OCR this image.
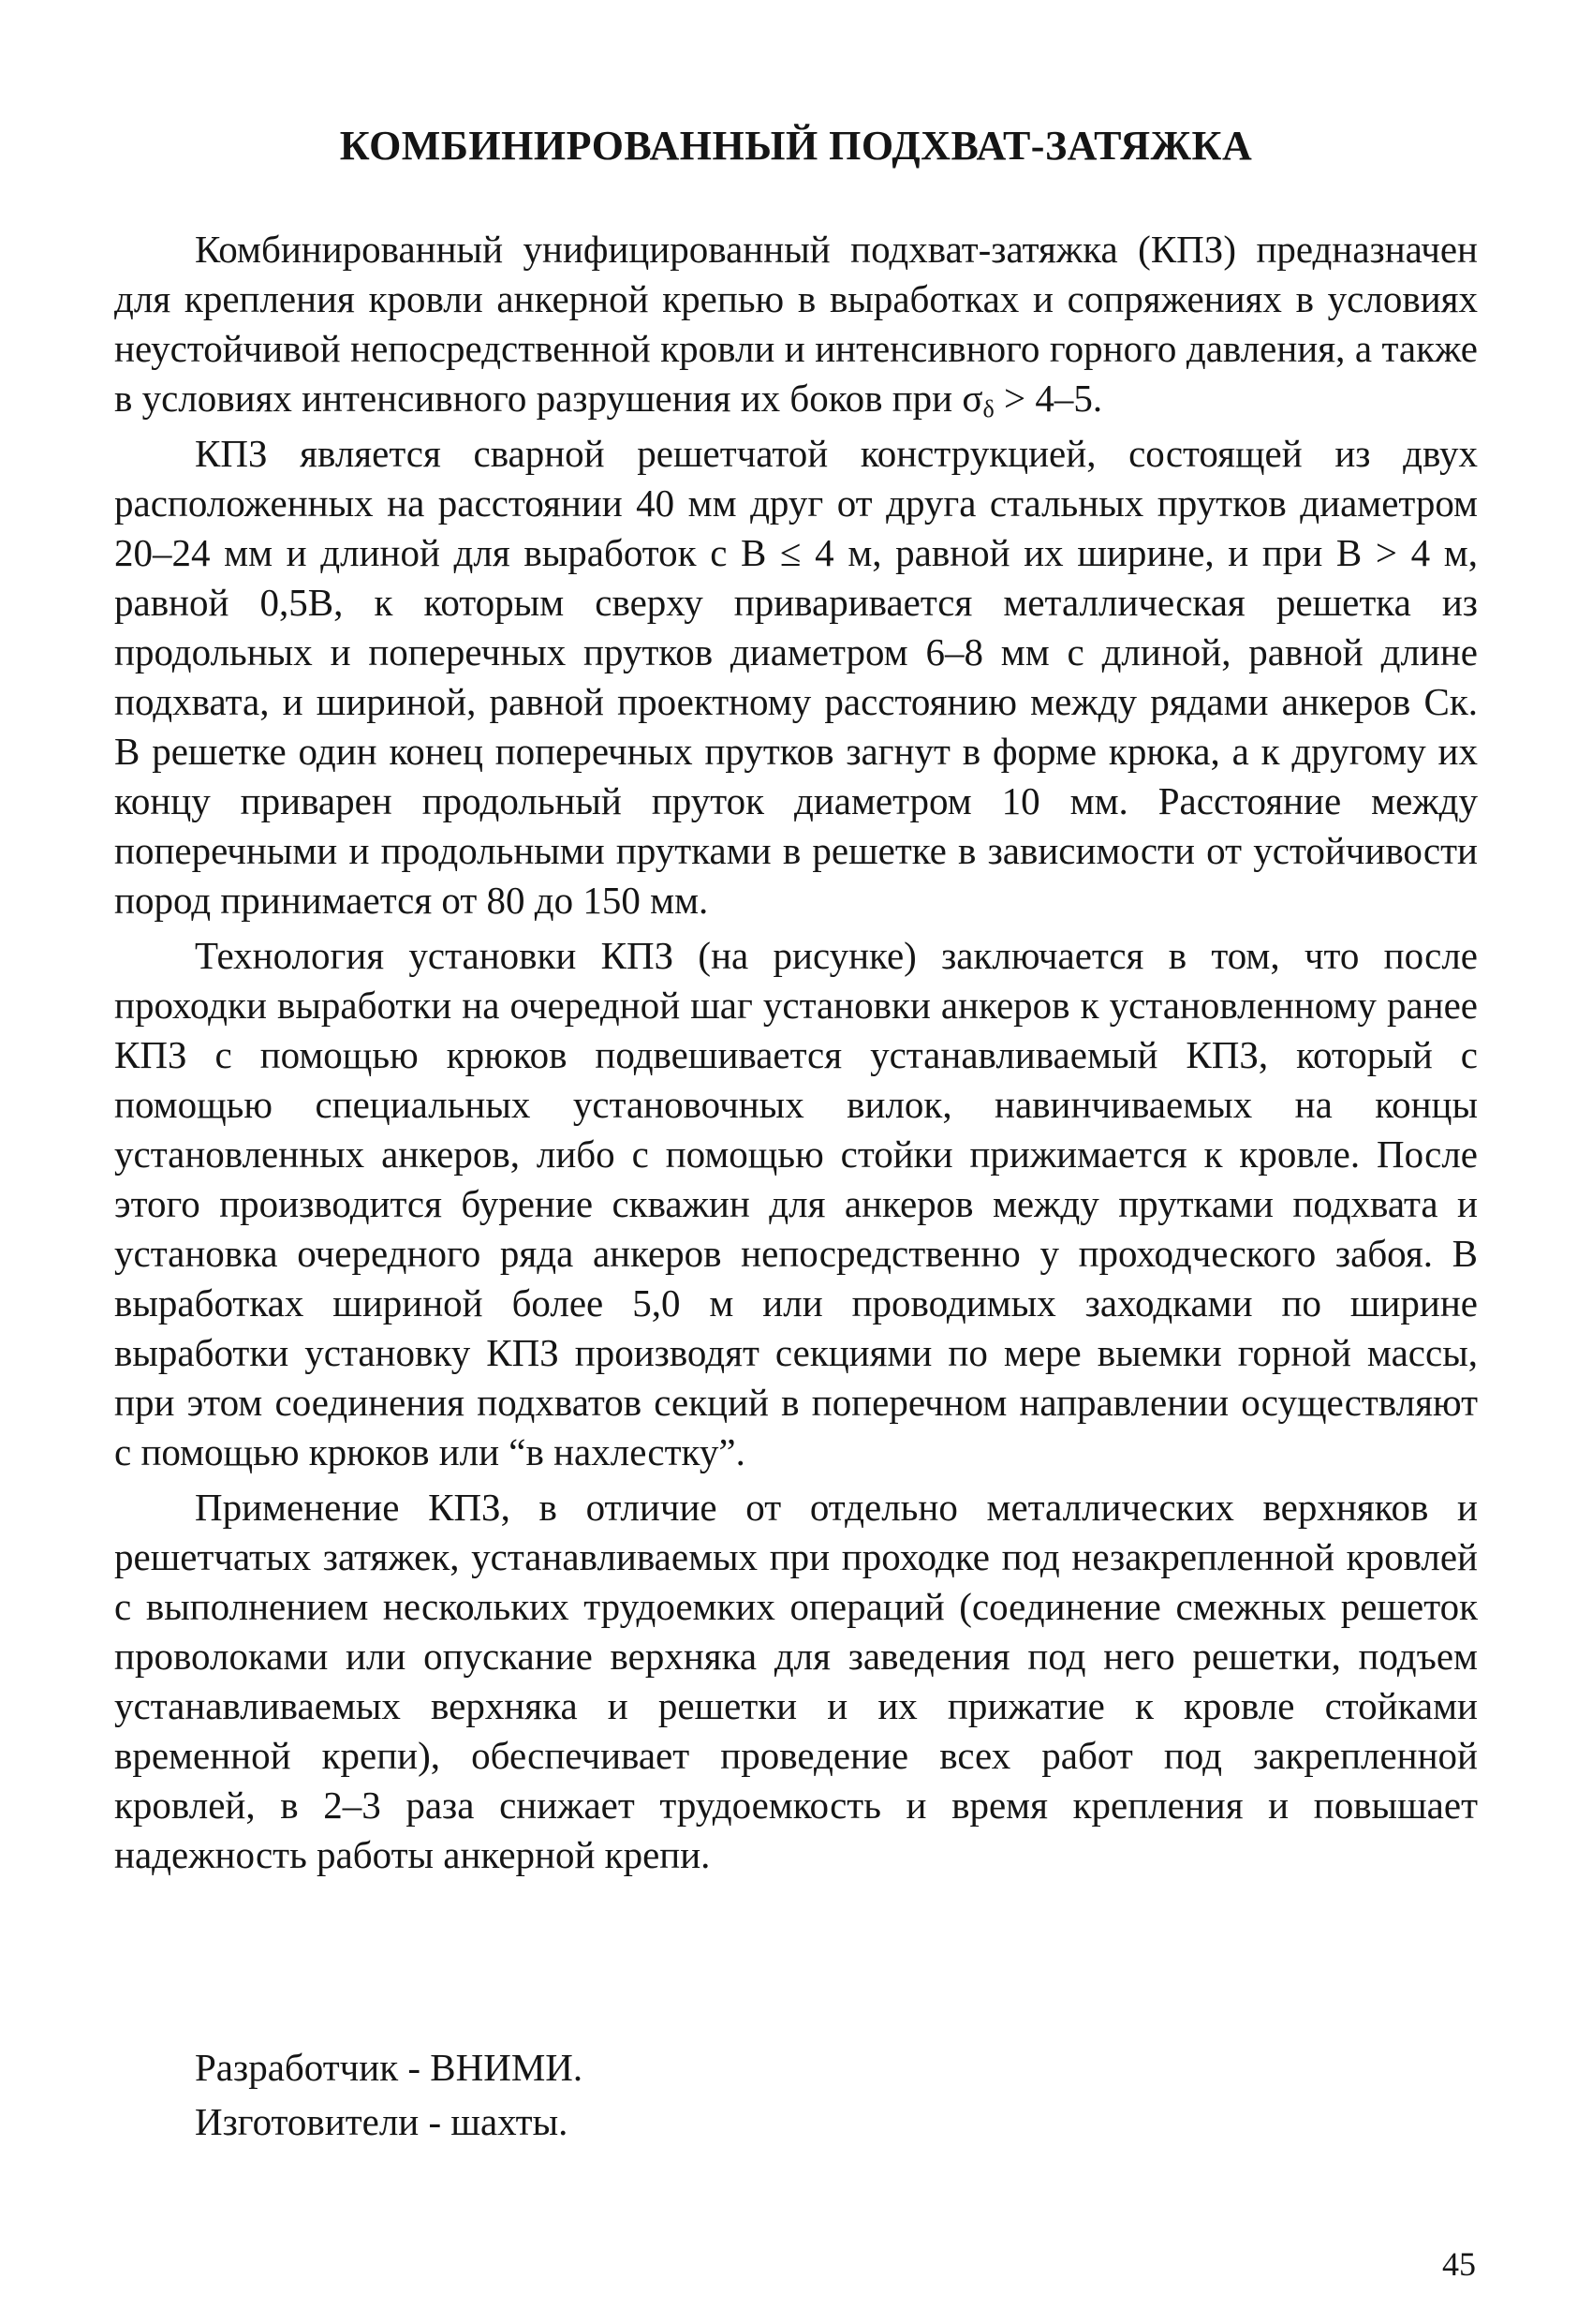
КОМБИНИРОВАННЫЙ ПОДХВАТ-ЗАТЯЖКА

Комбинированный унифицированный подхват-затяжка (КПЗ) предназначен для крепления кровли анкерной крепью в выработках и сопряжениях в условиях неустойчивой непосредственной кровли и интенсивного горного давления, а также в условиях интенсивного разрушения их боков при $\sigma_\delta > 4-5$.

КПЗ является сварной решетчатой конструкцией, состоящей из двух расположенных на расстоянии 40 мм друг от друга стальных прутков диаметром 20–24 мм и длиной для выработок с B ≤ 4 м, равной их ширине, и при B > 4 м, равной 0,5B, к которым сверху приваривается металлическая решетка из продольных и поперечных прутков диаметром 6–8 мм с длиной, равной длине подхвата, и шириной, равной проектному расстоянию между рядами анкеров Cк. В решетке один конец поперечных прутков загнут в форме крюка, а к другому их концу приварен продольный пруток диаметром 10 мм. Расстояние между поперечными и продольными прутками в решетке в зависимости от устойчивости пород принимается от 80 до 150 мм.

Технология установки КПЗ (на рисунке) заключается в том, что после проходки выработки на очередной шаг установки анкеров к установленному ранее КПЗ с помощью крюков подвешивается устанавливаемый КПЗ, который с помощью специальных установочных вилок, навинчиваемых на концы установленных анкеров, либо с помощью стойки прижимается к кровле. После этого производится бурение скважин для анкеров между прутками подхвата и установка очередного ряда анкеров непосредственно у проходческого забоя. В выработках шириной более 5,0 м или проводимых заходками по ширине выработки установку КПЗ производят секциями по мере выемки горной массы, при этом соединения подхватов секций в поперечном направлении осуществляют с помощью крюков или “в нахлестку”.

Применение КПЗ, в отличие от отдельно металлических верхняков и решетчатых затяжек, устанавливаемых при проходке под незакрепленной кровлей с выполнением нескольких трудоемких операций (соединение смежных решеток проволоками или опускание верхняка для заведения под него решетки, подъем устанавливаемых верхняка и решетки и их прижатие к кровле стойками временной крепи), обеспечивает проведение всех работ под закрепленной кровлей, в 2–3 раза снижает трудоемкость и время крепления и повышает надежность работы анкерной крепи.

Разработчик - ВНИМИ.
Изготовители - шахты.
45
